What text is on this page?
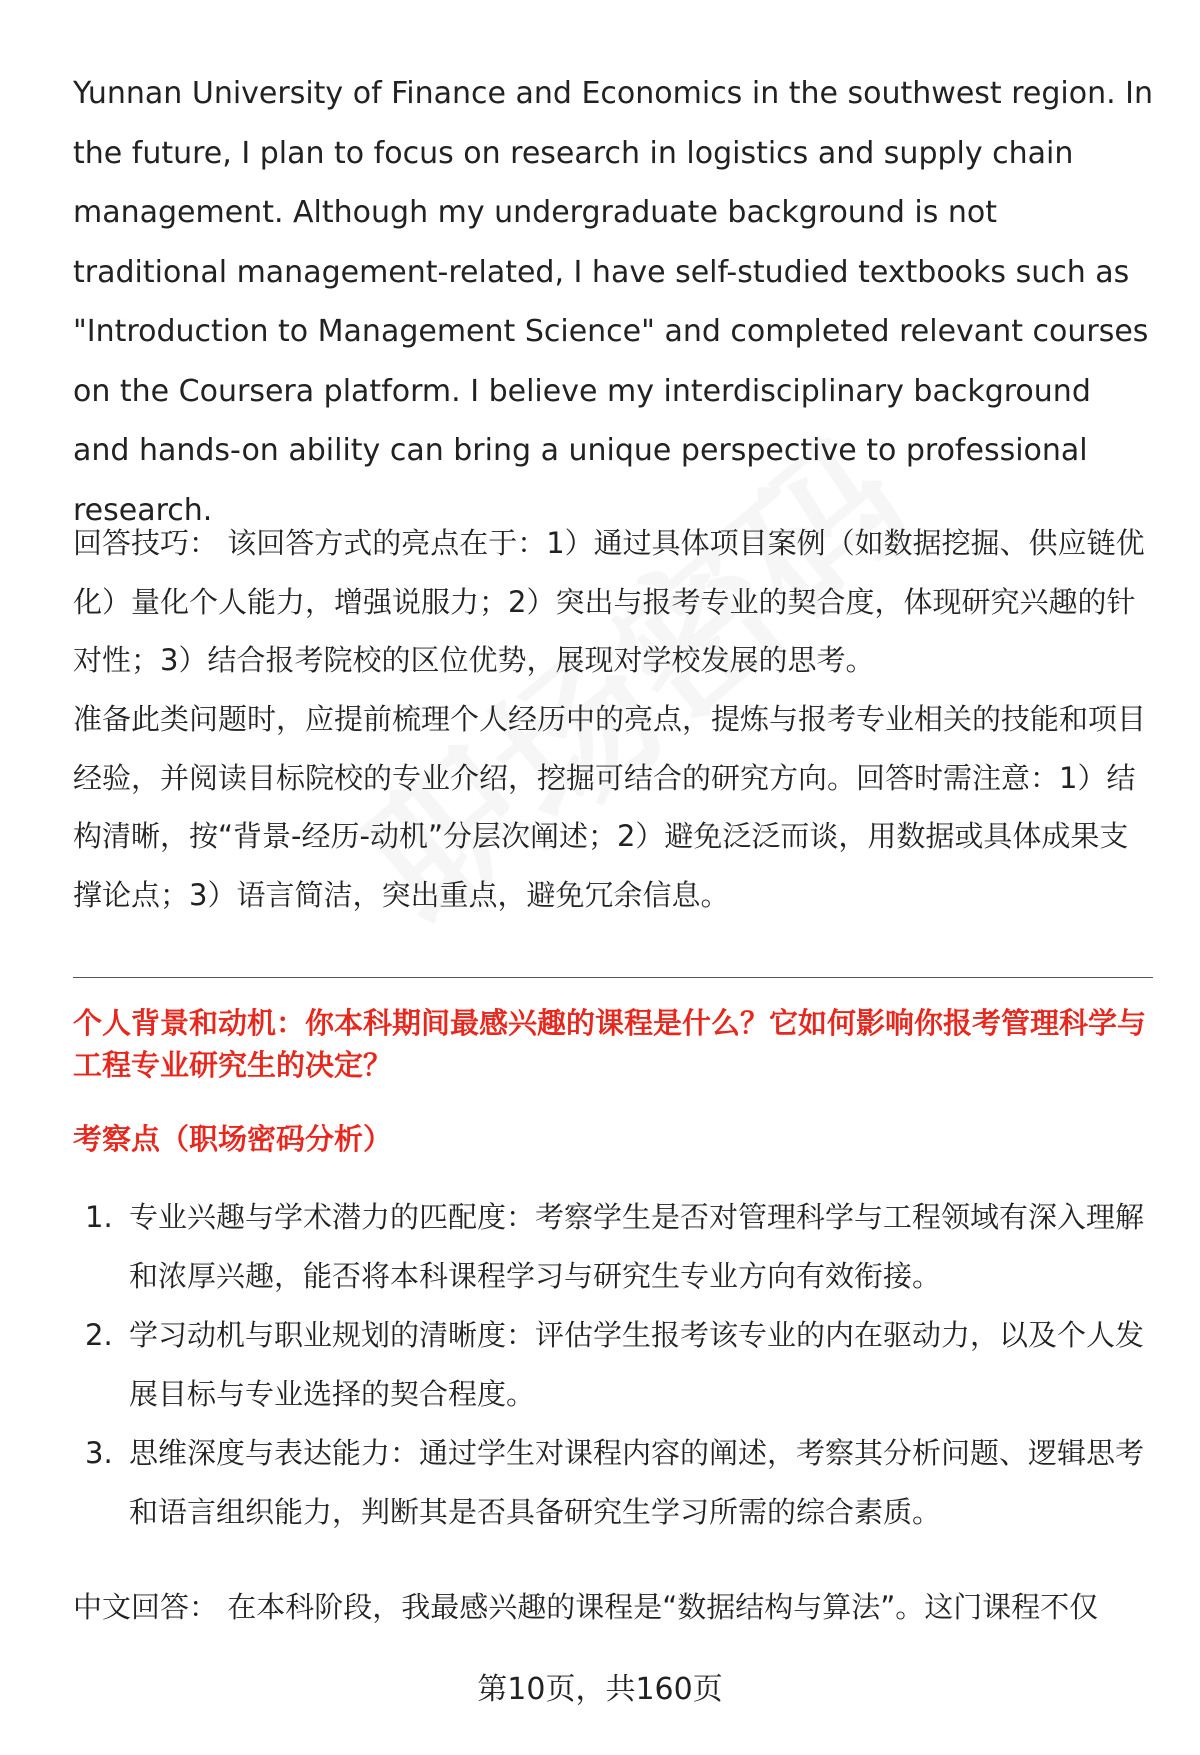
Yunnan University of Finance and Economics in the southwest region. In the future, I plan to focus on research in logistics and supply chain management. Although my undergraduate background is not traditional management-related, I have self-studied textbooks such as "Introduction to Management Science" and completed relevant courses on the Coursera platform. I believe my interdisciplinary background and hands-on ability can bring a unique perspective to professional research.

回答技巧： 该回答方式的亮点在于：1）通过具体项目案例（如数据挖掘、供应链优化）量化个人能力，增强说服力；2）突出与报考专业的契合度，体现研究兴趣的针对性；3）结合报考院校的区位优势，展现对学校发展的思考。

准备此类问题时，应提前梳理个人经历中的亮点，提炼与报考专业相关的技能和项目经验，并阅读目标院校的专业介绍，挖掘可结合的研究方向。回答时需注意：1）结构清晰，按“背景-经历-动机”分层次阐述；2）避免泛泛而谈，用数据或具体成果支撑论点；3）语言简洁，突出重点，避免冗余信息。

个人背景和动机：你本科期间最感兴趣的课程是什么？它如何影响你报考管理科学与工程专业研究生的决定？

考察点（职场密码分析）

1. 专业兴趣与学术潜力的匹配度：考察学生是否对管理科学与工程领域有深入理解和浓厚兴趣，能否将本科课程学习与研究生专业方向有效衔接。
2. 学习动机与职业规划的清晰度：评估学生报考该专业的内在驱动力，以及个人发展目标与专业选择的契合程度。
3. 思维深度与表达能力：通过学生对课程内容的阐述，考察其分析问题、逻辑思考和语言组织能力，判断其是否具备研究生学习所需的综合素质。

中文回答： 在本科阶段，我最感兴趣的课程是“数据结构与算法”。这门课程不仅

第10页，共160页
